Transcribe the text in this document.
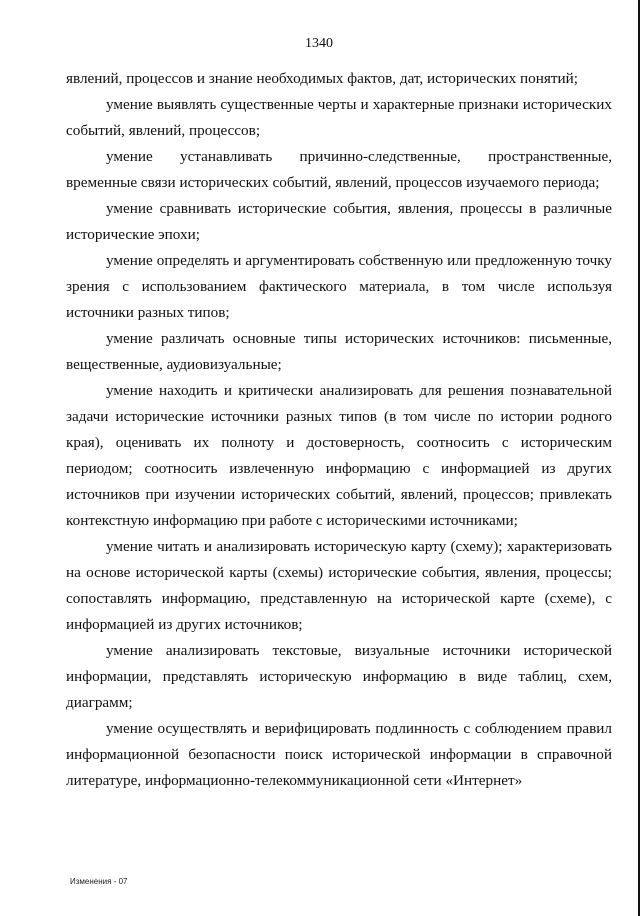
1340

явлений, процессов и знание необходимых фактов, дат, исторических понятий;

умение выявлять существенные черты и характерные признаки исторических событий, явлений, процессов;

умение устанавливать причинно-следственные, пространственные, временные связи исторических событий, явлений, процессов изучаемого периода;

умение сравнивать исторические события, явления, процессы в различные исторические эпохи;

умение определять и аргументировать собственную или предложенную точку зрения с использованием фактического материала, в том числе используя источники разных типов;

умение различать основные типы исторических источников: письменные, вещественные, аудиовизуальные;

умение находить и критически анализировать для решения познавательной задачи исторические источники разных типов (в том числе по истории родного края), оценивать их полноту и достоверность, соотносить с историческим периодом; соотносить извлеченную информацию с информацией из других источников при изучении исторических событий, явлений, процессов; привлекать контекстную информацию при работе с историческими источниками;

умение читать и анализировать историческую карту (схему); характеризовать на основе исторической карты (схемы) исторические события, явления, процессы; сопоставлять информацию, представленную на исторической карте (схеме), с информацией из других источников;

умение анализировать текстовые, визуальные источники исторической информации, представлять историческую информацию в виде таблиц, схем, диаграмм;

умение осуществлять и верифицировать подлинность с соблюдением правил информационной безопасности поиск исторической информации в справочной литературе, информационно-телекоммуникационной сети «Интернет»

Изменения - 07
